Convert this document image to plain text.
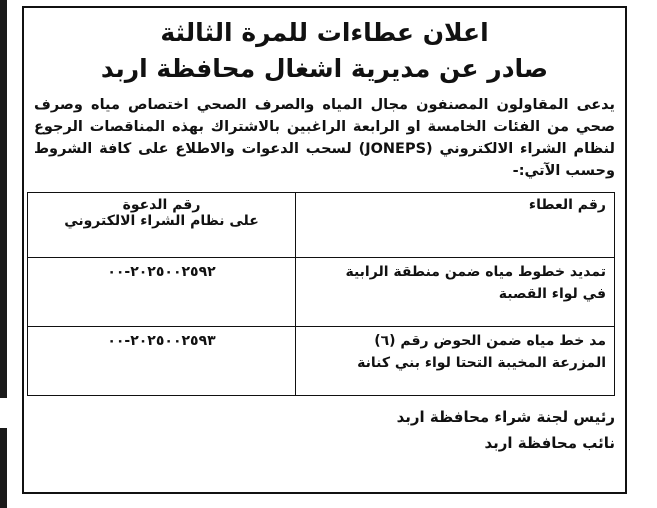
اعلان عطاءات للمرة الثالثة
صادر عن مديرية اشغال محافظة اربد

يدعى المقاولون المصنفون مجال المياه والصرف الصحي اختصاص مياه وصرف صحي من الفئات الخامسة او الرابعة الراغبين بالاشتراك بهذه المناقصات الرجوع لنظام الشراء الالكتروني (JONEPS) لسحب الدعوات والاطلاع على كافة الشروط وحسب الآتي:-

رقم العطاء	رقم الدعوة
على نظام الشراء الالكتروني

تمديد خطوط مياه ضمن منطقة الرابية
في لواء القصبة	٢٠٢٥٠٠٢٥٩٢-٠٠

مد خط مياه ضمن الحوض رقم (٦)
المزرعة المخيبة التحتا لواء بني كنانة	٢٠٢٥٠٠٢٥٩٣-٠٠
رئيس لجنة شراء محافظة اربد
نائب محافظة اربد
